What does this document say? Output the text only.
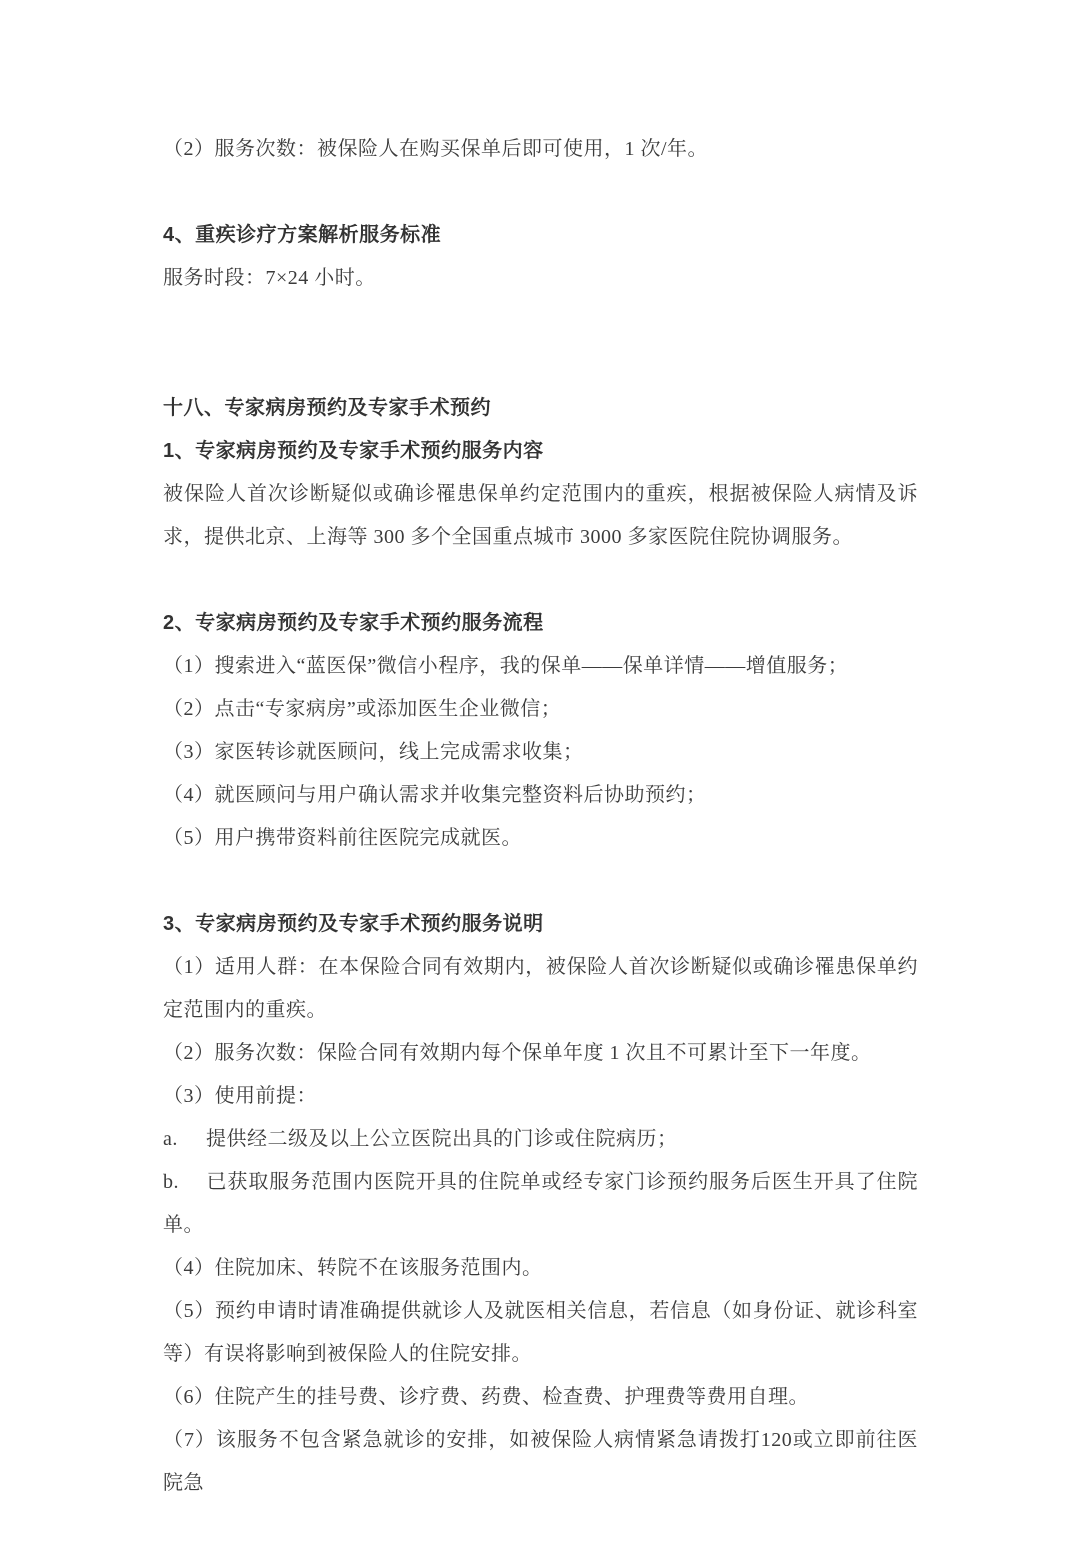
（2）服务次数：被保险人在购买保单后即可使用，1 次/年。

4、重疾诊疗方案解析服务标准

服务时段：7×24 小时。

十八、专家病房预约及专家手术预约

1、专家病房预约及专家手术预约服务内容

被保险人首次诊断疑似或确诊罹患保单约定范围内的重疾，根据被保险人病情及诉求，提供北京、上海等 300 多个全国重点城市 3000 多家医院住院协调服务。

2、专家病房预约及专家手术预约服务流程

（1）搜索进入“蓝医保”微信小程序，我的保单——保单详情——增值服务；

（2）点击“专家病房”或添加医生企业微信；

（3）家医转诊就医顾问，线上完成需求收集；

（4）就医顾问与用户确认需求并收集完整资料后协助预约；

（5）用户携带资料前往医院完成就医。

3、专家病房预约及专家手术预约服务说明

（1）适用人群：在本保险合同有效期内，被保险人首次诊断疑似或确诊罹患保单约定范围内的重疾。

（2）服务次数：保险合同有效期内每个保单年度 1 次且不可累计至下一年度。

（3）使用前提：

a. 提供经二级及以上公立医院出具的门诊或住院病历；

b. 已获取服务范围内医院开具的住院单或经专家门诊预约服务后医生开具了住院单。

（4）住院加床、转院不在该服务范围内。

（5）预约申请时请准确提供就诊人及就医相关信息，若信息（如身份证、就诊科室等）有误将影响到被保险人的住院安排。

（6）住院产生的挂号费、诊疗费、药费、检查费、护理费等费用自理。

（7）该服务不包含紧急就诊的安排，如被保险人病情紧急请拨打120或立即前往医院急
